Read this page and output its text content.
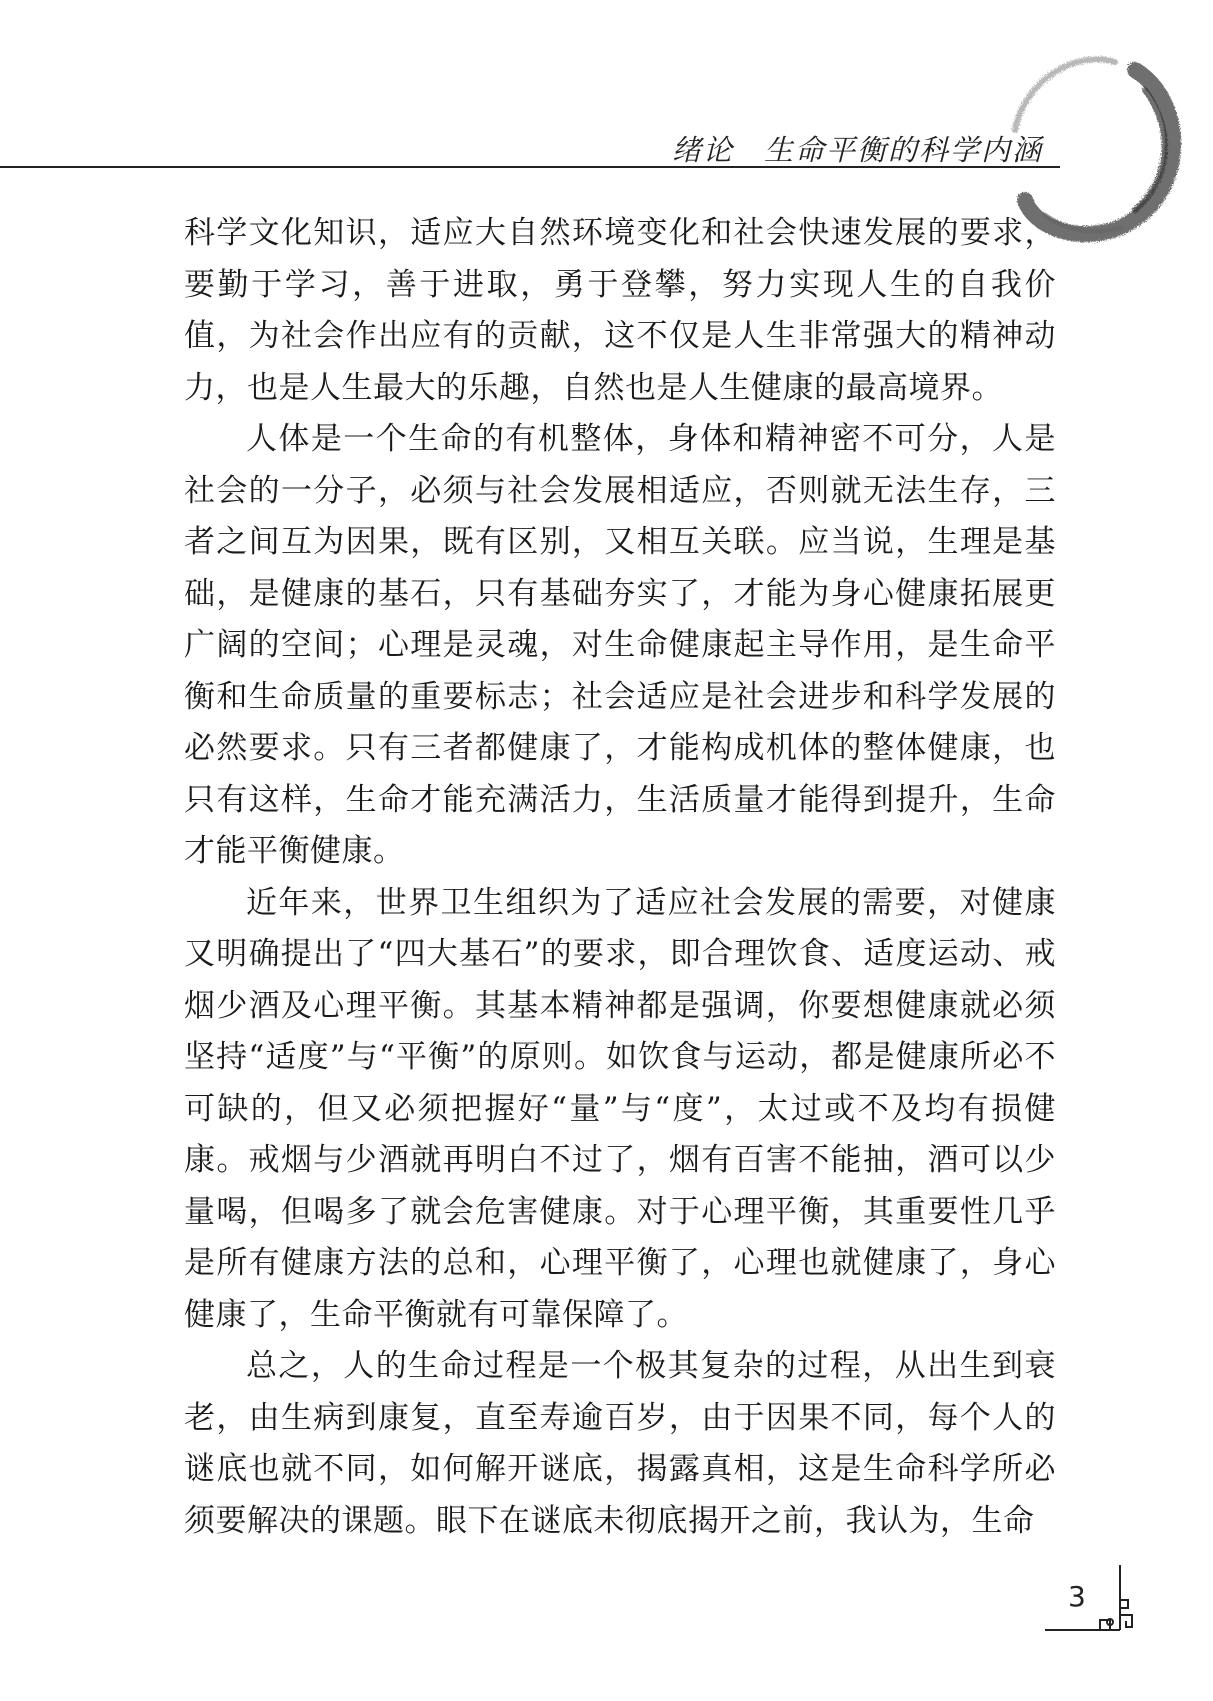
绪论 生命平衡的科学内涵

科学文化知识，适应大自然环境变化和社会快速发展的要求，要勤于学习，善于进取，勇于登攀，努力实现人生的自我价值，为社会作出应有的贡献，这不仅是人生非常强大的精神动力，也是人生最大的乐趣，自然也是人生健康的最高境界。

人体是一个生命的有机整体，身体和精神密不可分，人是社会的一分子，必须与社会发展相适应，否则就无法生存，三者之间互为因果，既有区别，又相互关联。应当说，生理是基础，是健康的基石，只有基础夯实了，才能为身心健康拓展更广阔的空间；心理是灵魂，对生命健康起主导作用，是生命平衡和生命质量的重要标志；社会适应是社会进步和科学发展的必然要求。只有三者都健康了，才能构成机体的整体健康，也只有这样，生命才能充满活力，生活质量才能得到提升，生命才能平衡健康。

近年来，世界卫生组织为了适应社会发展的需要，对健康又明确提出了“四大基石”的要求，即合理饮食、适度运动、戒烟少酒及心理平衡。其基本精神都是强调，你要想健康就必须坚持“适度”与“平衡”的原则。如饮食与运动，都是健康所必不可缺的，但又必须把握好“量”与“度”，太过或不及均有损健康。戒烟与少酒就再明白不过了，烟有百害不能抽，酒可以少量喝，但喝多了就会危害健康。对于心理平衡，其重要性几乎是所有健康方法的总和，心理平衡了，心理也就健康了，身心健康了，生命平衡就有可靠保障了。

总之，人的生命过程是一个极其复杂的过程，从出生到衰老，由生病到康复，直至寿逾百岁，由于因果不同，每个人的谜底也就不同，如何解开谜底，揭露真相，这是生命科学所必须要解决的课题。眼下在谜底未彻底揭开之前，我认为，生命

3
